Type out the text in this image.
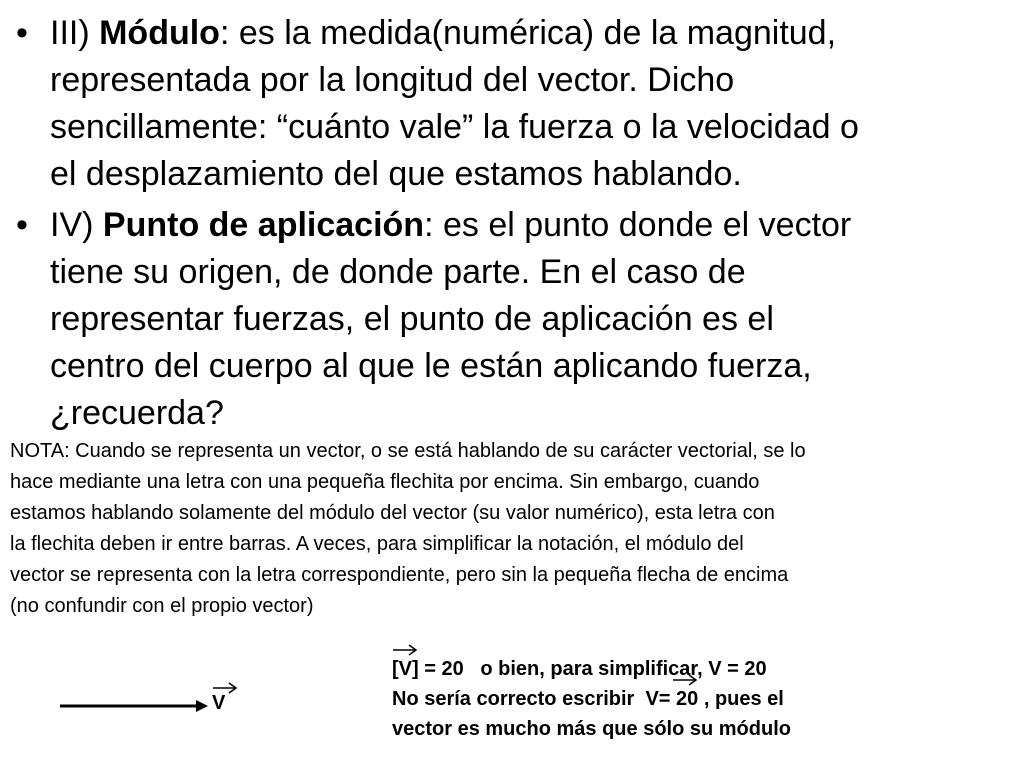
• III) Módulo: es la medida(numérica) de la magnitud,
representada por la longitud del vector. Dicho
sencillamente: “cuánto vale” la fuerza o la velocidad o
el desplazamiento del que estamos hablando.
• IV) Punto de aplicación: es el punto donde el vector
tiene su origen, de donde parte. En el caso de
representar fuerzas, el punto de aplicación es el
centro del cuerpo al que le están aplicando fuerza,
¿recuerda?

NOTA: Cuando se representa un vector, o se está hablando de su carácter vectorial, se lo
hace mediante una letra con una pequeña flechita por encima. Sin embargo, cuando
estamos hablando solamente del módulo del vector (su valor numérico), esta letra con
la flechita deben ir entre barras. A veces, para simplificar la notación, el módulo del
vector se representa con la letra correspondiente, pero sin la pequeña flecha de encima
(no confundir con el propio vector)

V

[V] = 20   o bien, para simplificar, V = 20
No sería correcto escribir  V= 20 , pues el
vector es mucho más que sólo su módulo
